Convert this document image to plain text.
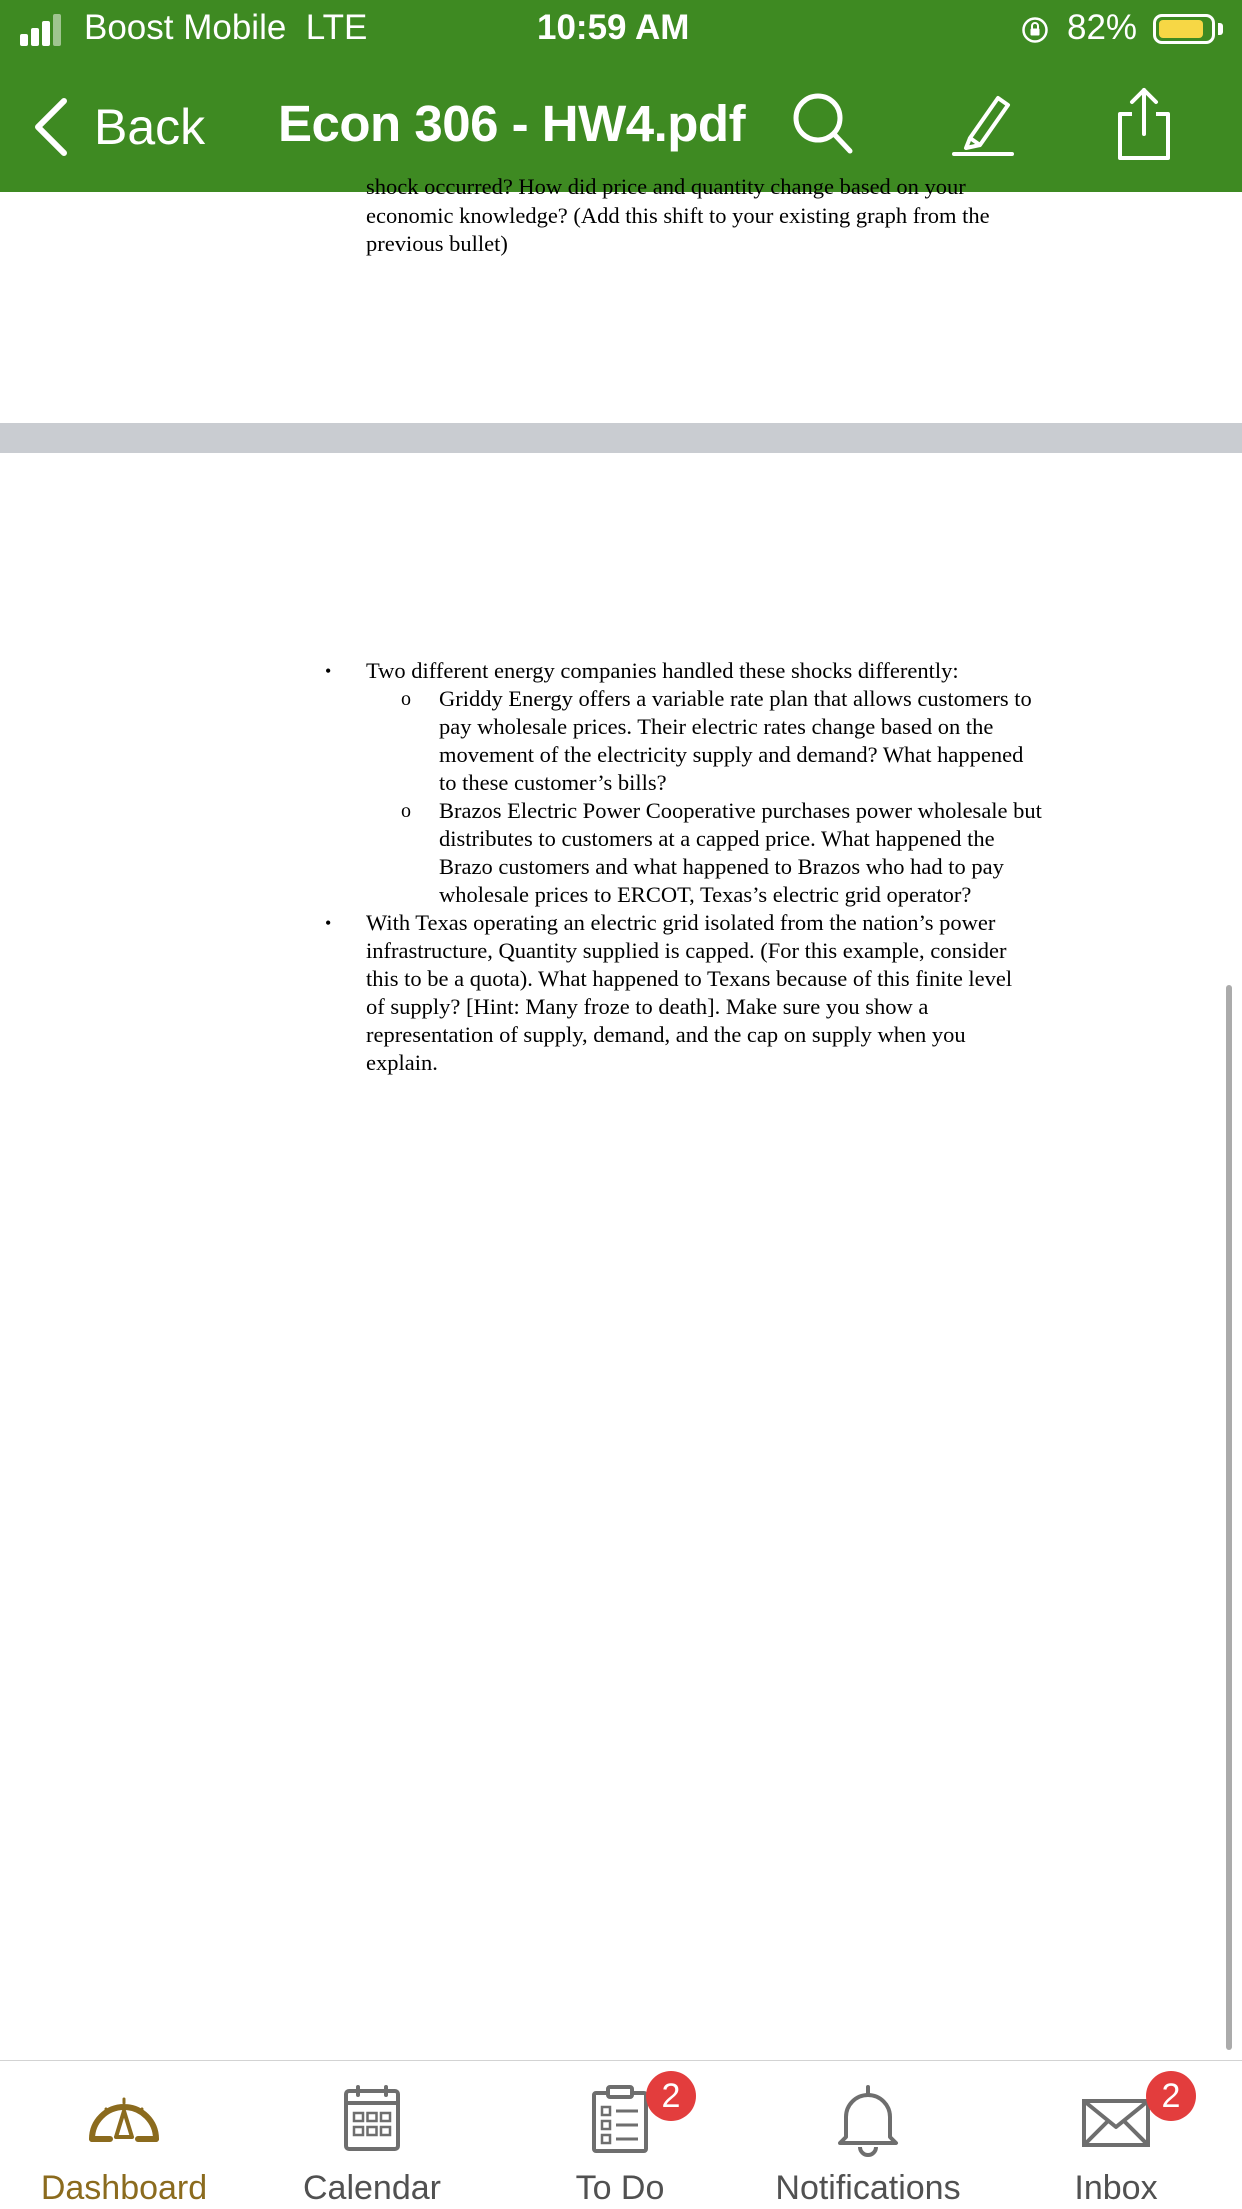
Boost Mobile LTE	10:59 AM	82%
Back Econ 306 - HW4.pdf
shock occurred? How did price and quantity change based on your
economic knowledge? (Add this shift to your existing graph from the
previous bullet)
• Two different energy companies handled these shocks differently:
o Griddy Energy offers a variable rate plan that allows customers to
pay wholesale prices. Their electric rates change based on the
movement of the electricity supply and demand? What happened
to these customer’s bills?
o Brazos Electric Power Cooperative purchases power wholesale but
distributes to customers at a capped price. What happened the
Brazo customers and what happened to Brazos who had to pay
wholesale prices to ERCOT, Texas’s electric grid operator?
• With Texas operating an electric grid isolated from the nation’s power
infrastructure, Quantity supplied is capped. (For this example, consider
this to be a quota). What happened to Texans because of this finite level
of supply? [Hint: Many froze to death]. Make sure you show a
representation of supply, demand, and the cap on supply when you
explain.
Dashboard	Calendar
2
To Do	Notifications
2
Inbox
